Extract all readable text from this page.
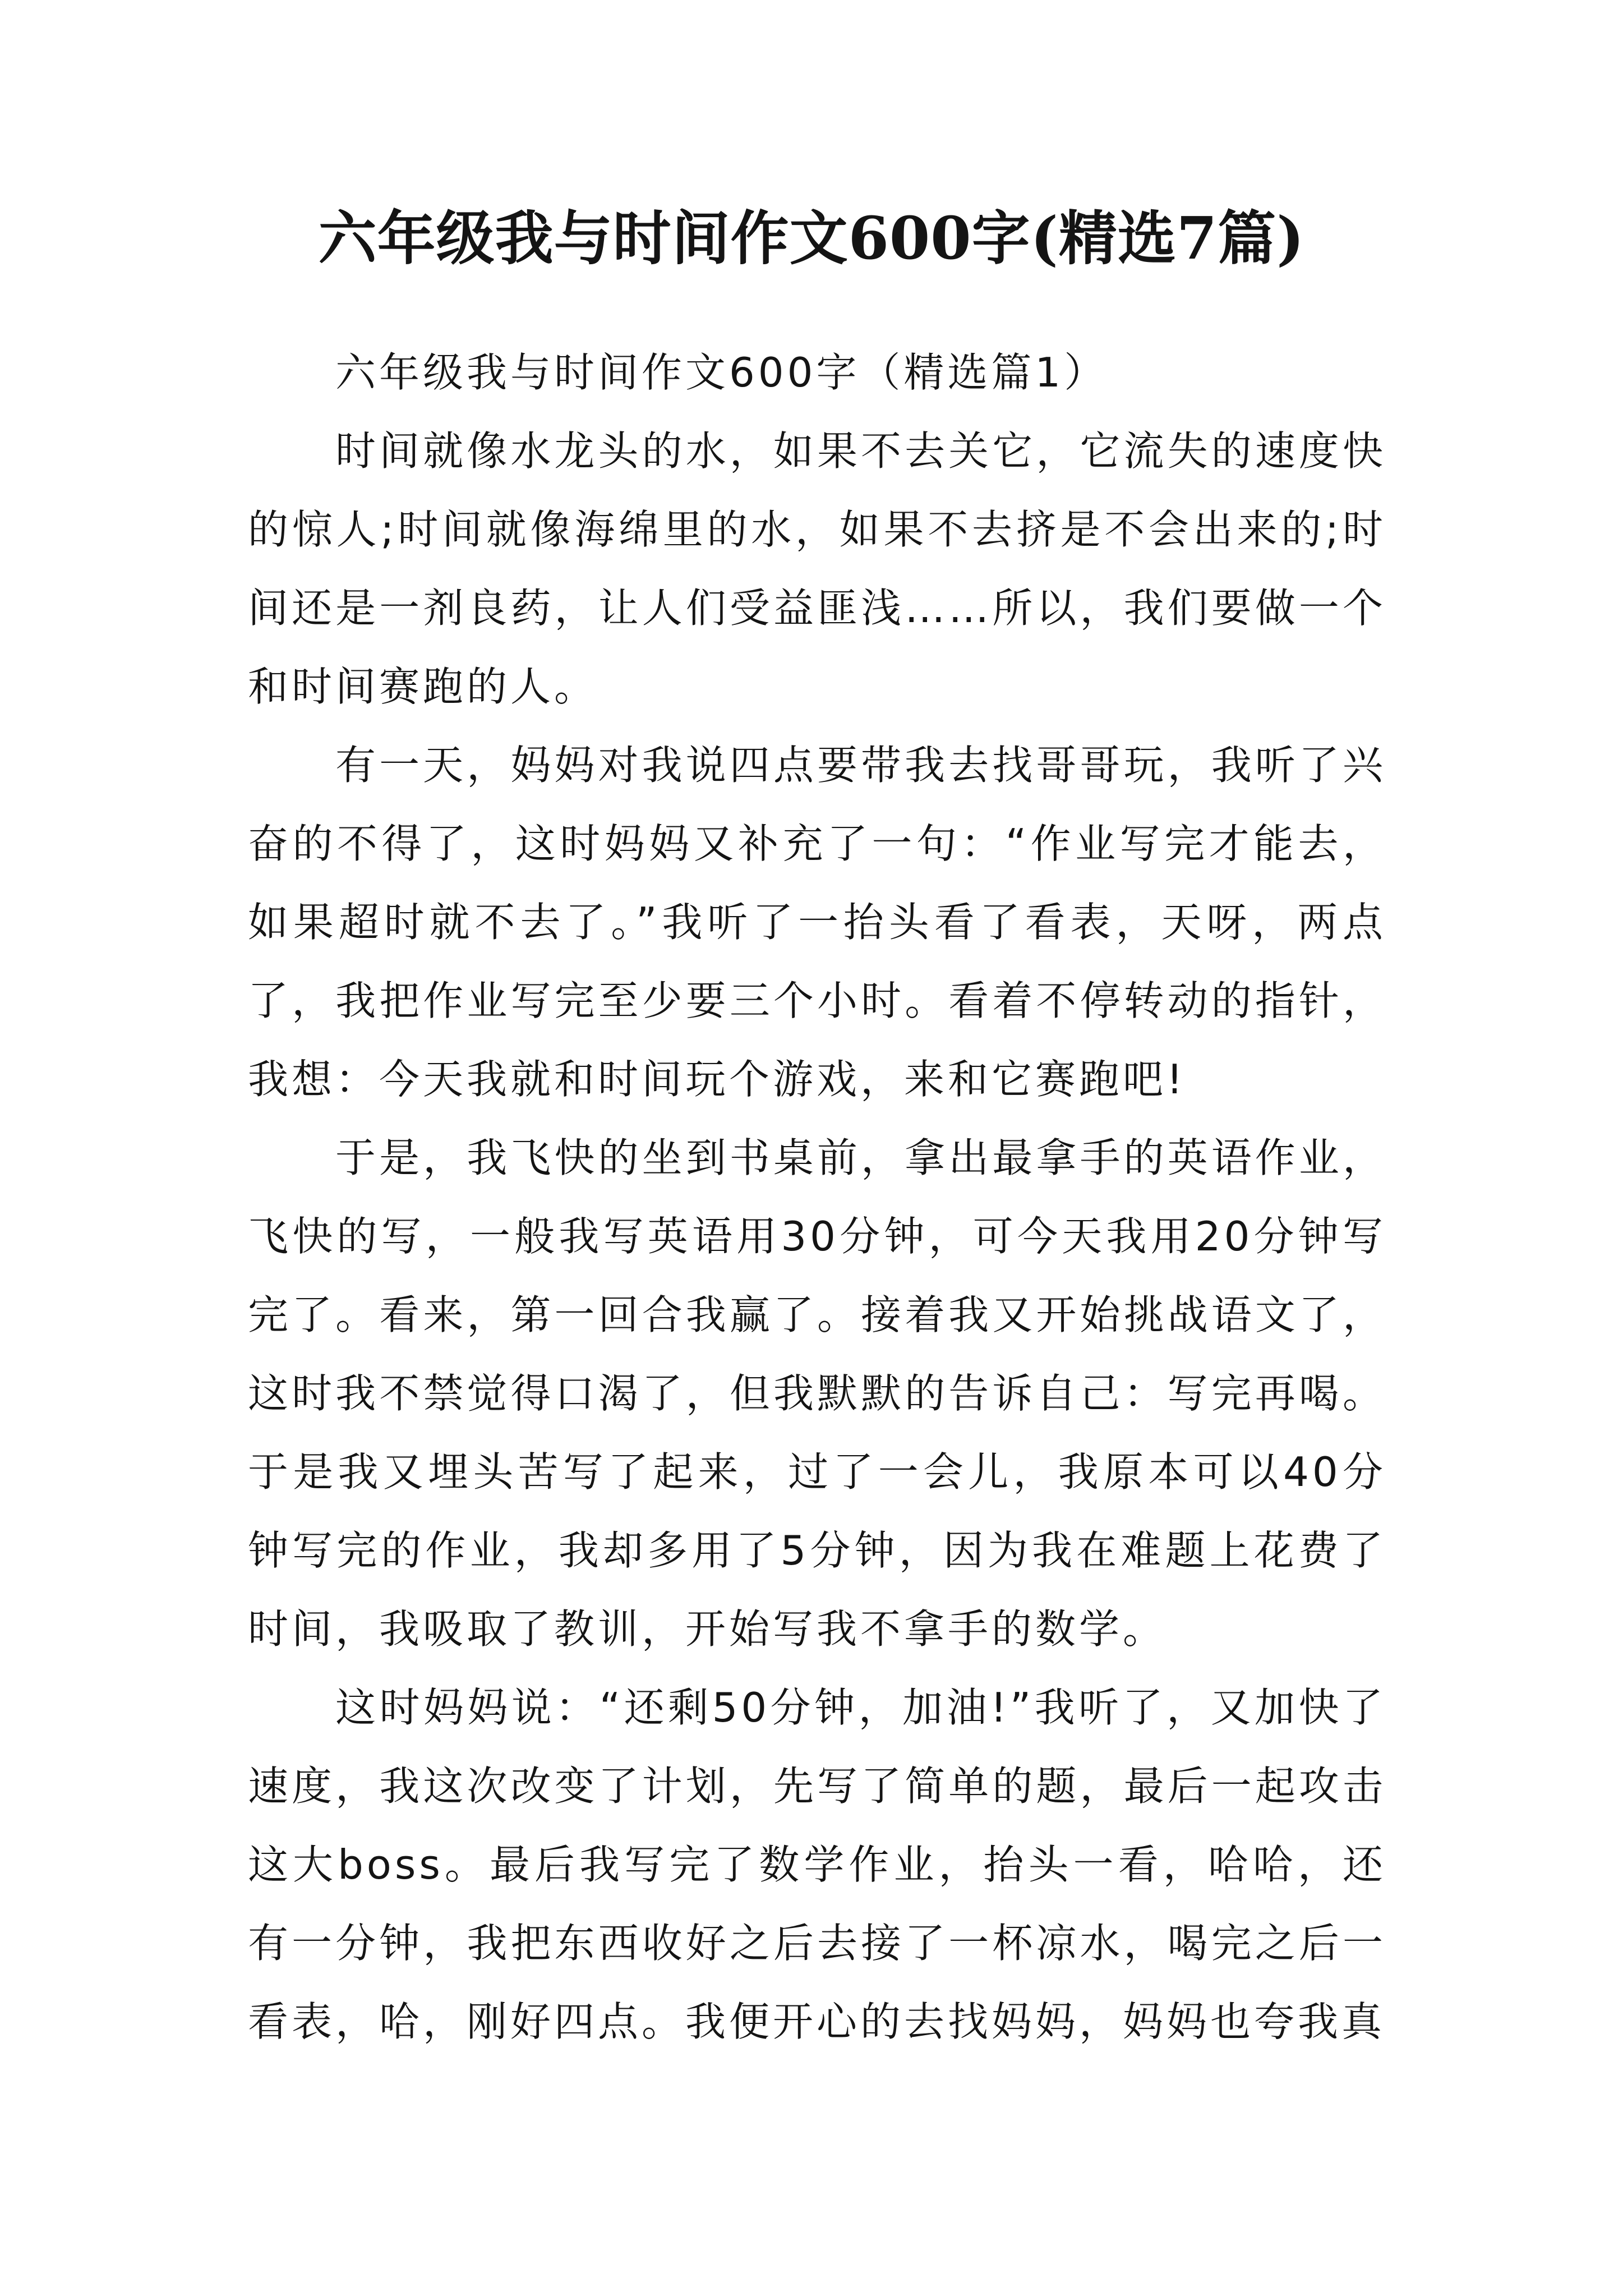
六年级我与时间作文600字(精选7篇)

六年级我与时间作文600字（精选篇1）

时间就像水龙头的水，如果不去关它，它流失的速度快的惊人;时间就像海绵里的水，如果不去挤是不会出来的;时间还是一剂良药，让人们受益匪浅……所以，我们要做一个和时间赛跑的人。

有一天，妈妈对我说四点要带我去找哥哥玩，我听了兴奋的不得了，这时妈妈又补充了一句：“作业写完才能去，如果超时就不去了。”我听了一抬头看了看表，天呀，两点了，我把作业写完至少要三个小时。看着不停转动的指针，我想：今天我就和时间玩个游戏，来和它赛跑吧!

于是，我飞快的坐到书桌前，拿出最拿手的英语作业，飞快的写，一般我写英语用30分钟，可今天我用20分钟写完了。看来，第一回合我赢了。接着我又开始挑战语文了，这时我不禁觉得口渴了，但我默默的告诉自己：写完再喝。于是我又埋头苦写了起来，过了一会儿，我原本可以40分钟写完的作业，我却多用了5分钟，因为我在难题上花费了时间，我吸取了教训，开始写我不拿手的数学。

这时妈妈说：“还剩50分钟，加油!”我听了，又加快了速度，我这次改变了计划，先写了简单的题，最后一起攻击这大boss。最后我写完了数学作业，抬头一看，哈哈，还有一分钟，我把东西收好之后去接了一杯凉水，喝完之后一看表，哈，刚好四点。我便开心的去找妈妈，妈妈也夸我真
